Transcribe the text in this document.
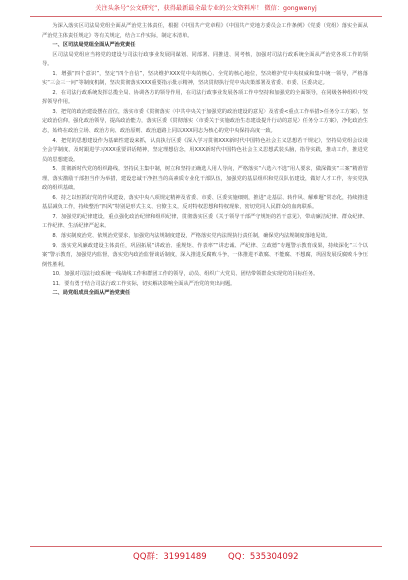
关注头条号“公文研究”，获得最新最全最专业的公文资料库！ 微信：gongwenyj

为深入落实区司法局党组全面从严治党主体责任，根据《中国共产党章程》《中国共产党地方委员会工作条例》《党委（党组）落实全面从严治党主体责任规定》等有关规定，结合工作实际，制定本清单。

一、区司法局党组全面从严治党责任

区司法局党组应当将党的建设与司法行政事业发展同谋划、同部署、同推进、同考核，加强对司法行政系统全面从严治党各项工作的领导。

1．增强“四个意识”，坚定“四个自信”，坚决维护XXX党中央的核心、全党的核心地位，坚决维护党中央权威和集中统一领导，严格落实“三会三一问”等制度机制，坚决贯彻落实XXX重要指示批示精神，坚决贯彻执行党中央决策部署及省委、市委、区委决定。

2．在司法行政系统发挥总揽全局、协调各方的领导作用，在司法行政事业发展各项工作中坚持和加强党的全面领导，在同级各种组织中发挥领导作用。

3．把党的政治建设摆在首位，落实市委《贯彻落实〈中共中央关于加强党的政治建设的意见〉及省委<重点工作举措>任务分工方案》，坚定政治信仰，强化政治领导，提高政治能力，落实区委《贯彻落实〈市委关于实施政治生态建设提升行动的意见〉任务分工方案》，净化政治生态，始终在政治立场、政治方向、政治原则、政治道路上同以XXX同志为核心的党中央保持高度一致。

4．把党的思想建设作为基础性建设来抓，认真执行区委《深入学习贯彻XXX新时代中国特色社会主义思想若干规定》，坚持局党组会议谈全会学制度，及时跟进学习XXX重要讲话精神，坚定理想信念，用XXX新时代中国特色社会主义思想武装头脑，指导实践，推动工作，推进党员的思想建设。

5．贯彻新时代党的组织路线，坚持民主集中制，树立和坚持正确选人用人导向，严格落实“六选六不选”用人要求，做深做实“三案”精准管理，落实激励干部担当作为举措，建设忠诚干净担当的高素质专业化干部队伍，加强党的基层组织和党员队伍建设，做好人才工作，夯实党执政的组织基础。

6．持之以恒抓好党的作风建设，落实中央八项规定精神及省委、市委、区委实施细则，推进“走基层、转作风、解难题”常态化，持续推进基层减负工作，持续整治“四风”特别是形式主义、官僚主义，反对特权思想和特权现象，密切党同人民群众的血肉联系。

7．加强党的纪律建设，重点强化政治纪律和组织纪律，贯彻落实区委《关于领导干部严守规矩的若干意见》，带动廉洁纪律、群众纪律、工作纪律、生活纪律严起来。

8．落实制度治党、依规治党要求，加强党内法规制度建设，严格落实党内法规执行责任制，确保党内法规制度落地见效。

9．落实党风廉政建设主体责任，巩固拓展“讲政治、重规矩、作表率”“讲忠诚、严纪律、立政德”专题警示教育成果，持续深化“三个以案”警示教育，加强党内监督，落实党内政治监督谈话制度，深入推进反腐败斗争，一体推进不敢腐、不能腐、不想腐，巩固发展反腐败斗争压倒性胜利。

10．加强对司法行政系统一线战线工作和群团工作的领导，动员、组织广大党员、团结带领群众实现党的目标任务。

11．要有勇于结合司法行政工作实际，切实解决影响全面从严治党的突出问题。

二、局党组成员全面从严治党责任

QQ群：31991489	QQ：535304092
